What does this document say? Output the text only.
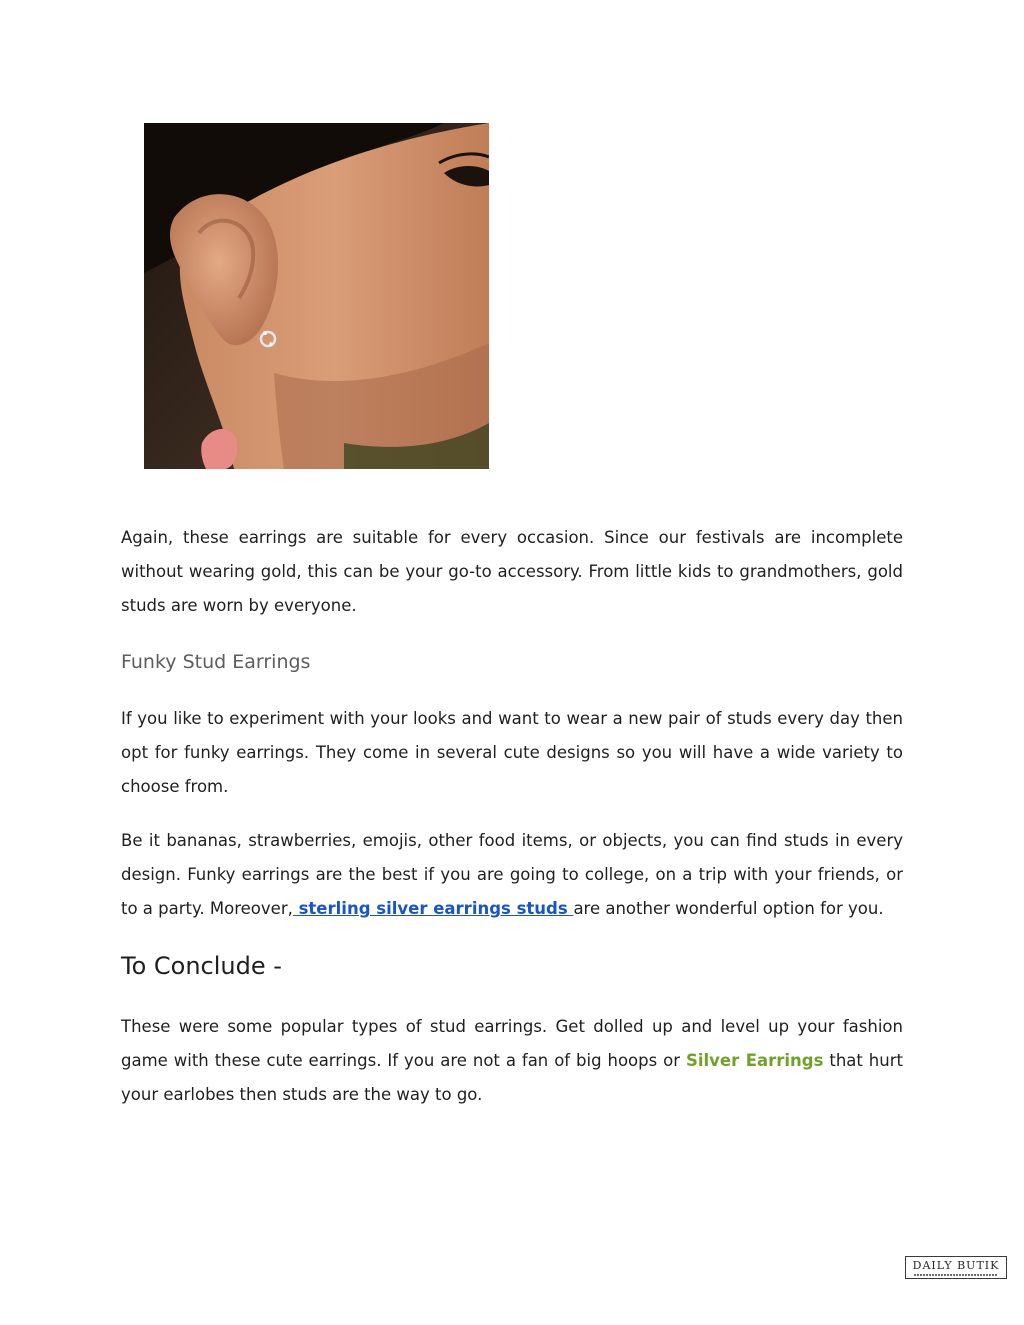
Again, these earrings are suitable for every occasion. Since our festivals are incomplete without wearing gold, this can be your go-to accessory. From little kids to grandmothers, gold studs are worn by everyone.
Funky Stud Earrings
If you like to experiment with your looks and want to wear a new pair of studs every day then opt for funky earrings. They come in several cute designs so you will have a wide variety to choose from.
Be it bananas, strawberries, emojis, other food items, or objects, you can find studs in every design. Funky earrings are the best if you are going to college, on a trip with your friends, or to a party. Moreover, sterling silver earrings studs are another wonderful option for you.
To Conclude -
These were some popular types of stud earrings. Get dolled up and level up your fashion game with these cute earrings. If you are not a fan of big hoops or Silver Earrings that hurt your earlobes then studs are the way to go.
DAILY BUTIK
